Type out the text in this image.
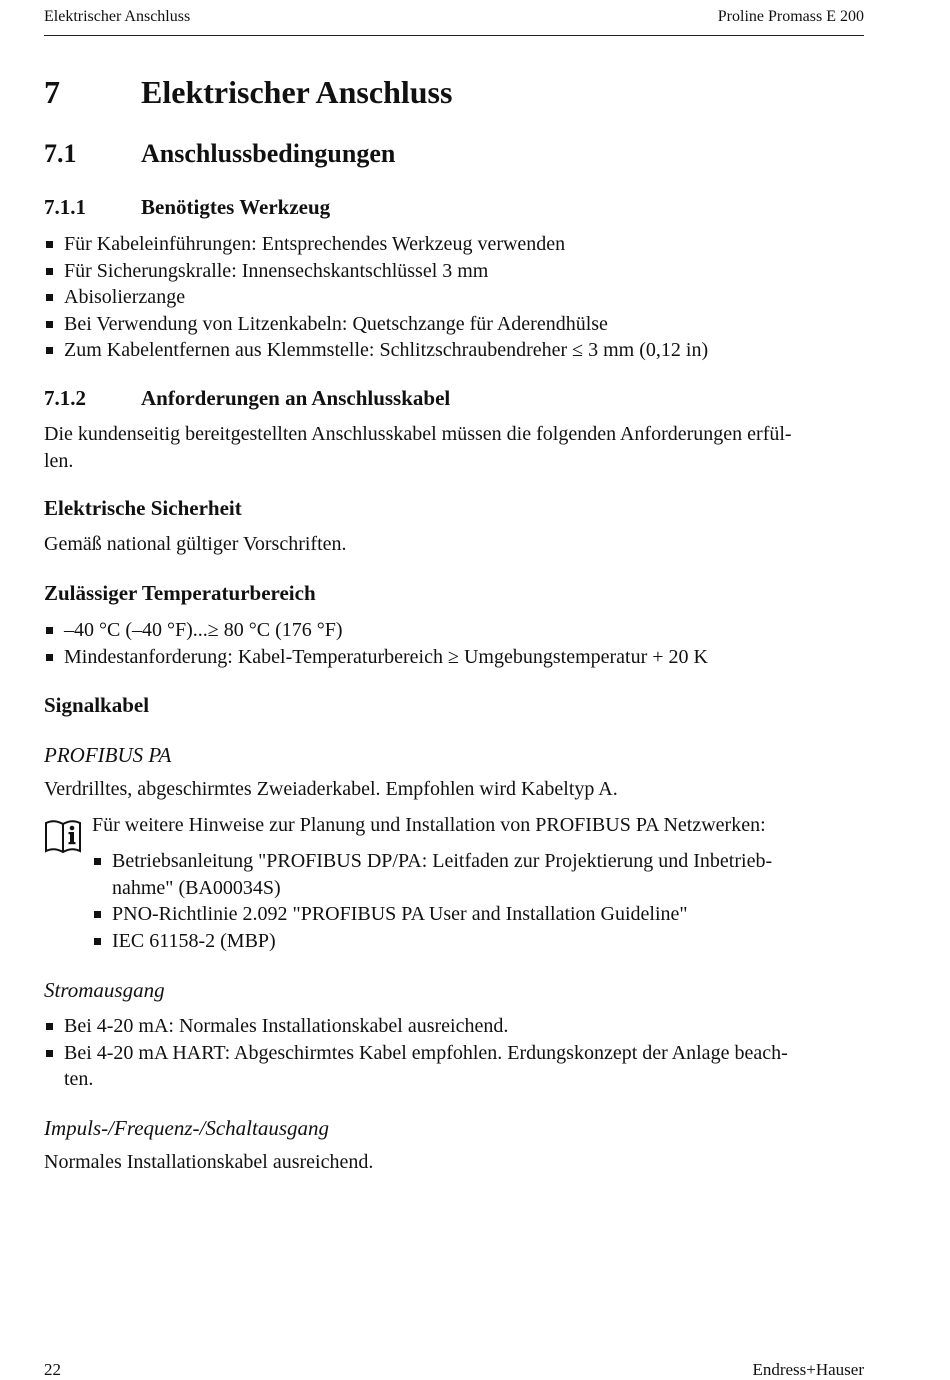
Elektrischer Anschluss	Proline Promass E 200
7	Elektrischer Anschluss
7.1 Anschlussbedingungen
7.1.1	Benötigtes Werkzeug
Für Kabeleinführungen: Entsprechendes Werkzeug verwenden
Für Sicherungskralle: Innensechskantschlüssel 3 mm
Abisolierzange
Bei Verwendung von Litzenkabeln: Quetschzange für Aderendhülse
Zum Kabelentfernen aus Klemmstelle: Schlitzschraubendreher ≤ 3 mm (0,12 in)
7.1.2	Anforderungen an Anschlusskabel
Die kundenseitig bereitgestellten Anschlusskabel müssen die folgenden Anforderungen erfül-
len.
Elektrische Sicherheit
Gemäß national gültiger Vorschriften.
Zulässiger Temperaturbereich
–40 °C (–40 °F)...≥ 80 °C (176 °F)
Mindestanforderung: Kabel-Temperaturbereich ≥ Umgebungstemperatur + 20 K
Signalkabel
PROFIBUS PA
Verdrilltes, abgeschirmtes Zweiaderkabel. Empfohlen wird Kabeltyp A.
Für weitere Hinweise zur Planung und Installation von PROFIBUS PA Netzwerken:
Betriebsanleitung "PROFIBUS DP/PA: Leitfaden zur Projektierung und Inbetrieb-
nahme" (BA00034S)
PNO-Richtlinie 2.092 "PROFIBUS PA User and Installation Guideline"
IEC 61158-2 (MBP)
Stromausgang
Bei 4-20 mA: Normales Installationskabel ausreichend.
Bei 4-20 mA HART: Abgeschirmtes Kabel empfohlen. Erdungskonzept der Anlage beach-
ten.
Impuls-/Frequenz-/Schaltausgang
Normales Installationskabel ausreichend.
22	Endress+Hauser
